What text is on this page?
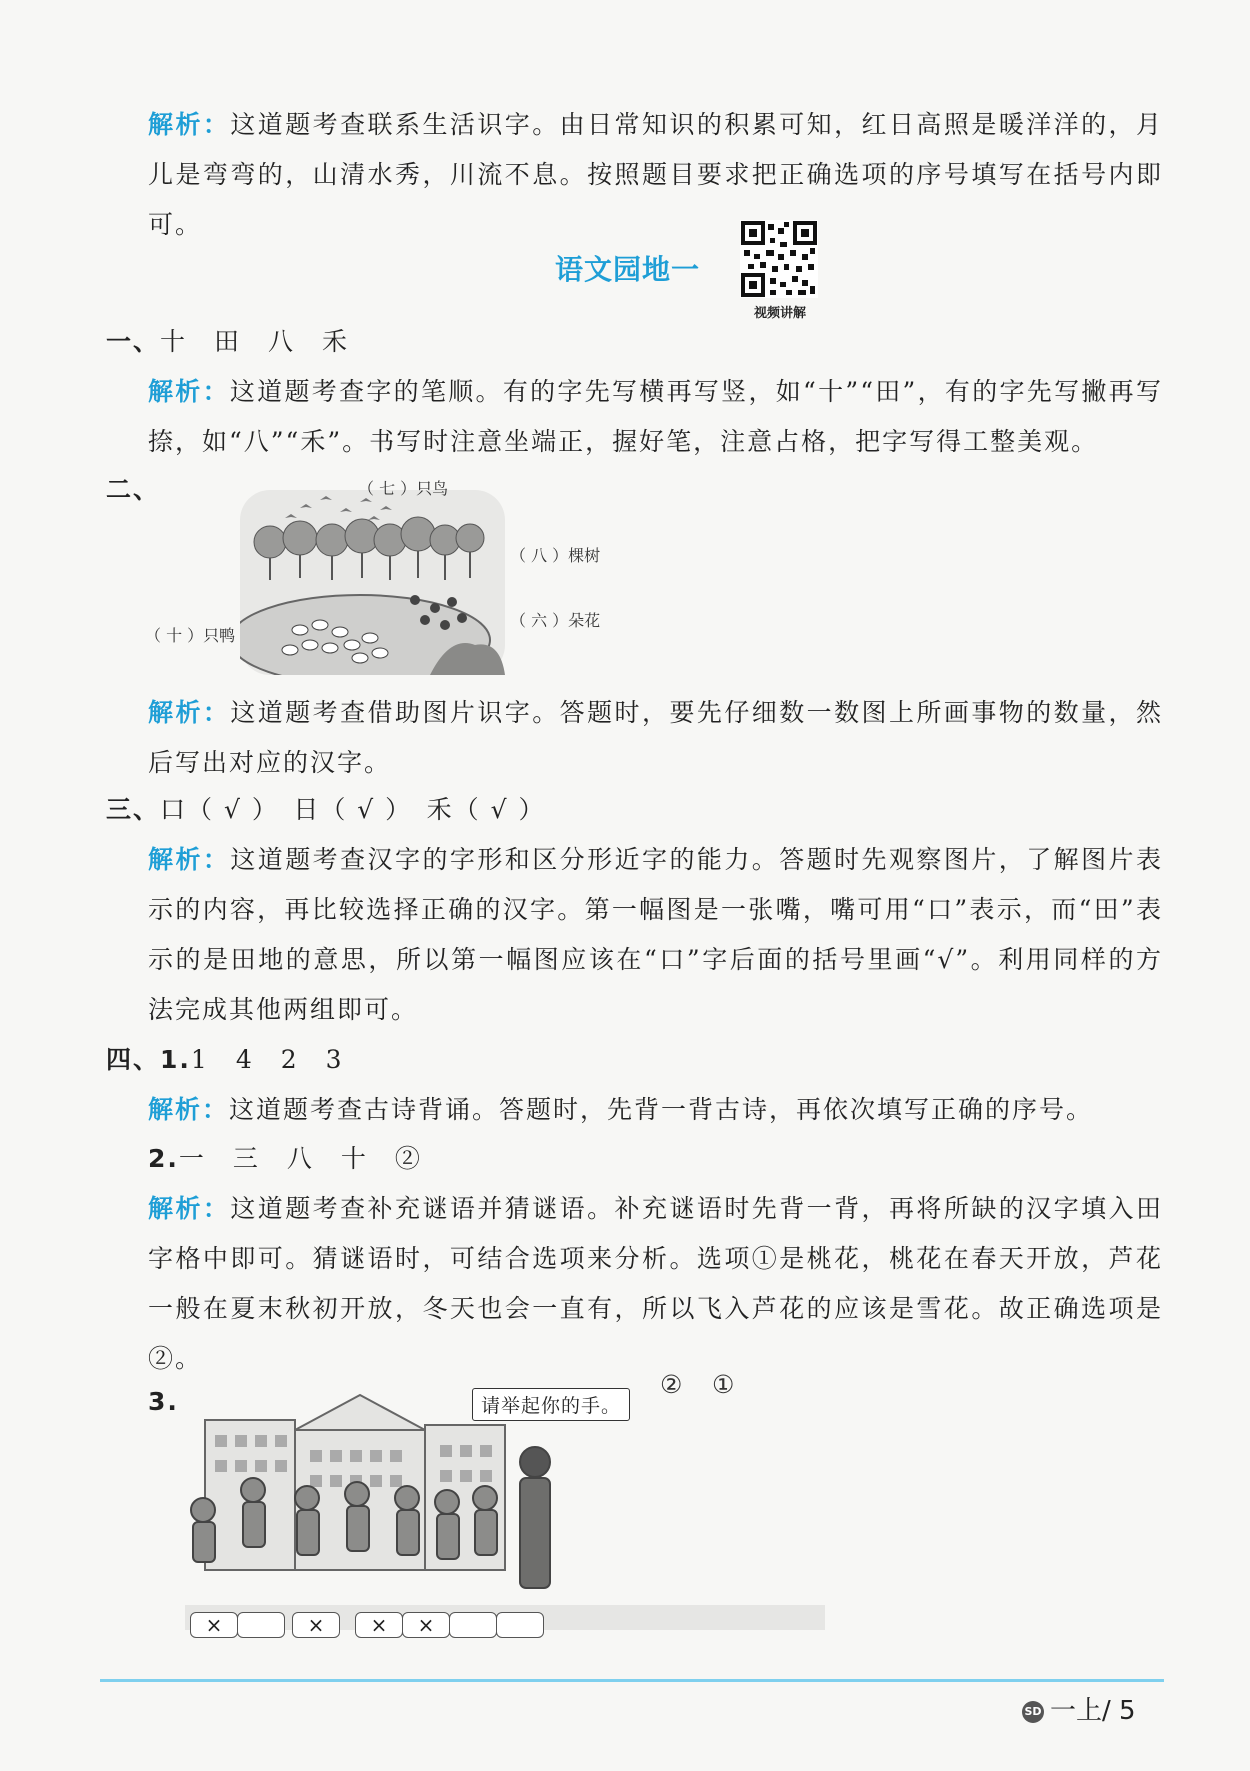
解析：这道题考查联系生活识字。由日常知识的积累可知，红日高照是暖洋洋的，月儿是弯弯的，山清水秀，川流不息。按照题目要求把正确选项的序号填写在括号内即可。
语文园地一
视频讲解
一、十　田　八　禾
解析：这道题考查字的笔顺。有的字先写横再写竖，如“十”“田”，有的字先写撇再写捺，如“八”“禾”。书写时注意坐端正，握好笔，注意占格，把字写得工整美观。
二、	（ 七 ）只鸟
（ 八 ）棵树
（ 六 ）朵花
（ 十 ）只鸭
解析：这道题考查借助图片识字。答题时，要先仔细数一数图上所画事物的数量，然后写出对应的汉字。
三、口（ √ ）　日（ √ ）　禾（ √ ）
解析：这道题考查汉字的字形和区分形近字的能力。答题时先观察图片，了解图片表示的内容，再比较选择正确的汉字。第一幅图是一张嘴，嘴可用“口”表示，而“田”表示的是田地的意思，所以第一幅图应该在“口”字后面的括号里画“√”。利用同样的方法完成其他两组即可。
四、1.1　4　2　3
解析：这道题考查古诗背诵。答题时，先背一背古诗，再依次填写正确的序号。
2.一　三　八　十　②
解析：这道题考查补充谜语并猜谜语。补充谜语时先背一背，再将所缺的汉字填入田字格中即可。猜谜语时，可结合选项来分析。选项①是桃花，桃花在春天开放，芦花一般在夏末秋初开放，冬天也会一直有，所以飞入芦花的应该是雪花。故正确选项是②。
3.	请举起你的手。
② ①
×	×	×	×
SD 一上/ 5
